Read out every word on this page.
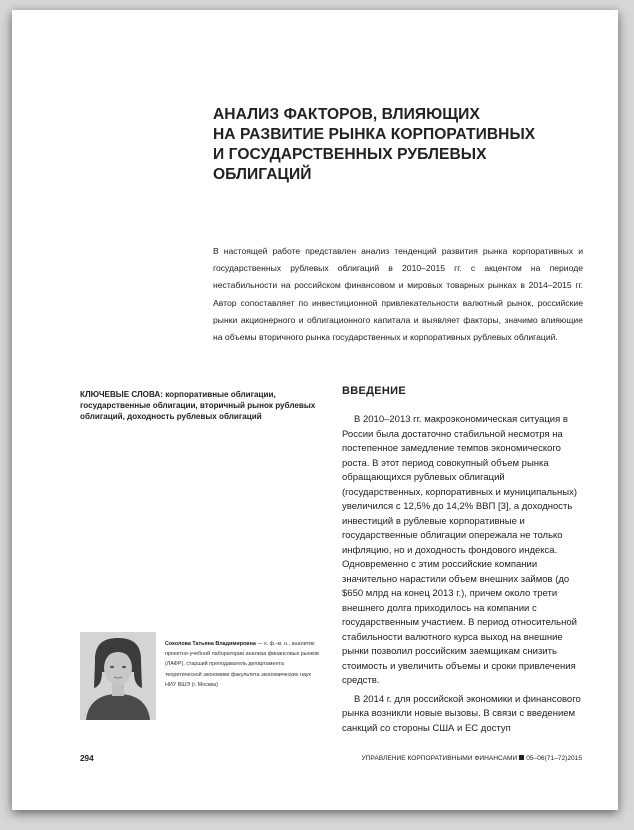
АНАЛИЗ ФАКТОРОВ, ВЛИЯЮЩИХ
НА РАЗВИТИЕ РЫНКА КОРПОРАТИВНЫХ
И ГОСУДАРСТВЕННЫХ РУБЛЕВЫХ
ОБЛИГАЦИЙ

В настоящей работе представлен анализ тенденций развития рынка корпоративных и государственных рублевых облигаций в 2010–2015 гг. с акцентом на периоде нестабильности на российском финансовом и мировых товарных рынках в 2014–2015 гг. Автор сопоставляет по инвестиционной привлекательности валютный рынок, российские рынки акционерного и облигационного капитала и выявляет факторы, значимо влияющие на объемы вторичного рынка государственных и корпоративных рублевых облигаций.

КЛЮЧЕВЫЕ СЛОВА: корпоративные облигации, государственные облигации, вторичный рынок рублевых облигаций, доходность рублевых облигаций

ВВЕДЕНИЕ

В 2010–2013 гг. макроэкономическая ситуация в России была достаточно стабильной несмотря на постепенное замедление темпов экономического роста. В этот период совокупный объем рынка обращающихся рублевых облигаций (государственных, корпоративных и муниципальных) увеличился с 12,5% до 14,2% ВВП [3], а доходность инвестиций в рублевые корпоративные и государственные облигации опережала не только инфляцию, но и доходность фондового индекса. Одновременно с этим российские компании значительно нарастили объем внешних займов (до $650 млрд на конец 2013 г.), причем около трети внешнего долга приходилось на компании с государственным участием. В период относительной стабильности валютного курса выход на внешние рынки позволил российским заемщикам снизить стоимость и увеличить объемы и сроки привлечения средств.

В 2014 г. для российской экономики и финансового рынка возникли новые вызовы. В связи с введением санкций со стороны США и ЕС доступ

Соколова Татьяна Владимировна — к. ф.-м. н., аналитик проектно-учебной лаборатории анализа финансовых рынков (ЛАФР), старший преподаватель департамента теоретической экономики факультета экономических наук НИУ ВШЭ (г. Москва)

294	УПРАВЛЕНИЕ КОРПОРАТИВНЫМИ ФИНАНСАМИ 05–06(71–72)2015
